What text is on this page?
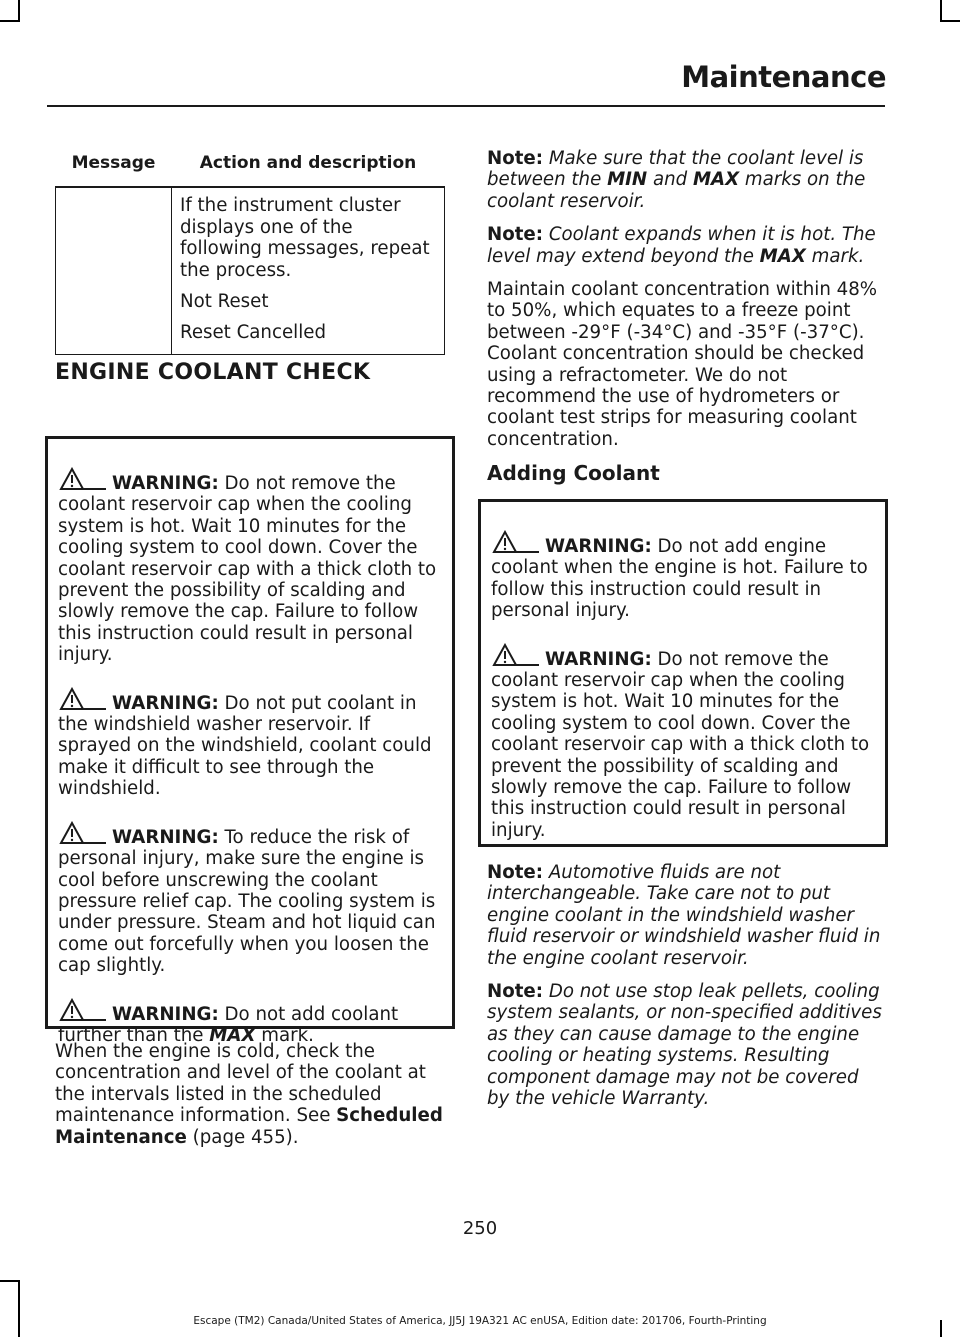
Maintenance
Message	Action and description

	If the instrument cluster displays one of the following messages, repeat the process.

Not Reset

Reset Cancelled

ENGINE COOLANT CHECK
WARNING: Do not remove the coolant reservoir cap when the cooling system is hot. Wait 10 minutes for the cooling system to cool down. Cover the coolant reservoir cap with a thick cloth to prevent the possibility of scalding and slowly remove the cap. Failure to follow this instruction could result in personal injury.
WARNING: Do not put coolant in the windshield washer reservoir. If sprayed on the windshield, coolant could make it difficult to see through the windshield.
WARNING: To reduce the risk of personal injury, make sure the engine is cool before unscrewing the coolant pressure relief cap. The cooling system is under pressure. Steam and hot liquid can come out forcefully when you loosen the cap slightly.
WARNING: Do not add coolant further than the MAX mark.
When the engine is cold, check the concentration and level of the coolant at the intervals listed in the scheduled maintenance information. See Scheduled Maintenance (page 455).

Note: Make sure that the coolant level is between the MIN and MAX marks on the coolant reservoir.

Note: Coolant expands when it is hot. The level may extend beyond the MAX mark.

Maintain coolant concentration within 48% to 50%, which equates to a freeze point between -29°F (-34°C) and -35°F (-37°C). Coolant concentration should be checked using a refractometer. We do not recommend the use of hydrometers or coolant test strips for measuring coolant concentration.

Adding Coolant
WARNING: Do not add engine coolant when the engine is hot. Failure to follow this instruction could result in personal injury.
WARNING: Do not remove the coolant reservoir cap when the cooling system is hot. Wait 10 minutes for the cooling system to cool down. Cover the coolant reservoir cap with a thick cloth to prevent the possibility of scalding and slowly remove the cap. Failure to follow this instruction could result in personal injury.

Note: Automotive fluids are not interchangeable. Take care not to put engine coolant in the windshield washer fluid reservoir or windshield washer fluid in the engine coolant reservoir.

Note: Do not use stop leak pellets, cooling system sealants, or non-specified additives as they can cause damage to the engine cooling or heating systems. Resulting component damage may not be covered by the vehicle Warranty.

250
Escape (TM2) Canada/United States of America, JJ5J 19A321 AC enUSA, Edition date: 201706, Fourth-Printing
